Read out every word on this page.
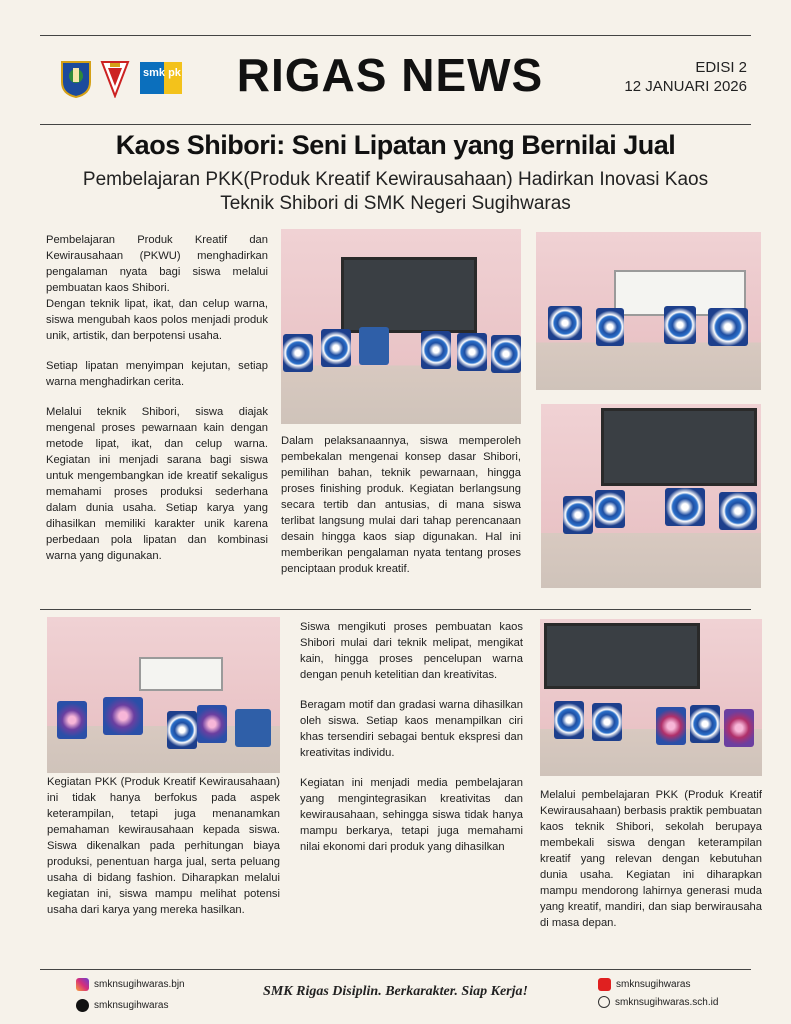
smk pk	RIGAS NEWS	EDISI 2
12 JANUARI 2026
Kaos Shibori: Seni Lipatan yang Bernilai Jual
Pembelajaran PKK(Produk Kreatif Kewirausahaan) Hadirkan Inovasi Kaos Teknik Shibori di SMK Negeri Sugihwaras

Pembelajaran Produk Kreatif dan Kewirausahaan (PKWU) menghadirkan pengalaman nyata bagi siswa melalui pembuatan kaos Shibori.
Dengan teknik lipat, ikat, dan celup warna, siswa mengubah kaos polos menjadi produk unik, artistik, dan berpotensi usaha.

Setiap lipatan menyimpan kejutan, setiap warna menghadirkan cerita.

Melalui teknik Shibori, siswa diajak mengenal proses pewarnaan kain dengan metode lipat, ikat, dan celup warna. Kegiatan ini menjadi sarana bagi siswa untuk mengembangkan ide kreatif sekaligus memahami proses produksi sederhana dalam dunia usaha. Setiap karya yang dihasilkan memiliki karakter unik karena perbedaan pola lipatan dan kombinasi warna yang digunakan.

Dalam pelaksanaannya, siswa memperoleh pembekalan mengenai konsep dasar Shibori, pemilihan bahan, teknik pewarnaan, hingga proses finishing produk. Kegiatan berlangsung secara tertib dan antusias, di mana siswa terlibat langsung mulai dari tahap perencanaan desain hingga kaos siap digunakan. Hal ini memberikan pengalaman nyata tentang proses penciptaan produk kreatif.

Kegiatan PKK (Produk Kreatif Kewirausahaan) ini tidak hanya berfokus pada aspek keterampilan, tetapi juga menanamkan pemahaman kewirausahaan kepada siswa. Siswa dikenalkan pada perhitungan biaya produksi, penentuan harga jual, serta peluang usaha di bidang fashion. Diharapkan melalui kegiatan ini, siswa mampu melihat potensi usaha dari karya yang mereka hasilkan.

Siswa mengikuti proses pembuatan kaos Shibori mulai dari teknik melipat, mengikat kain, hingga proses pencelupan warna dengan penuh ketelitian dan kreativitas.

Beragam motif dan gradasi warna dihasilkan oleh siswa. Setiap kaos menampilkan ciri khas tersendiri sebagai bentuk ekspresi dan kreativitas individu.

Kegiatan ini menjadi media pembelajaran yang mengintegrasikan kreativitas dan kewirausahaan, sehingga siswa tidak hanya mampu berkarya, tetapi juga memahami nilai ekonomi dari produk yang dihasilkan

Melalui pembelajaran PKK (Produk Kreatif Kewirausahaan) berbasis praktik pembuatan kaos teknik Shibori, sekolah berupaya membekali siswa dengan keterampilan kreatif yang relevan dengan kebutuhan dunia usaha. Kegiatan ini diharapkan mampu mendorong lahirnya generasi muda yang kreatif, mandiri, dan siap berwirausaha di masa depan.

smknsugihwaras.bjn
smknsugihwaras
SMK Rigas Disiplin. Berkarakter. Siap Kerja!	smknsugihwaras
smknsugihwaras.sch.id
